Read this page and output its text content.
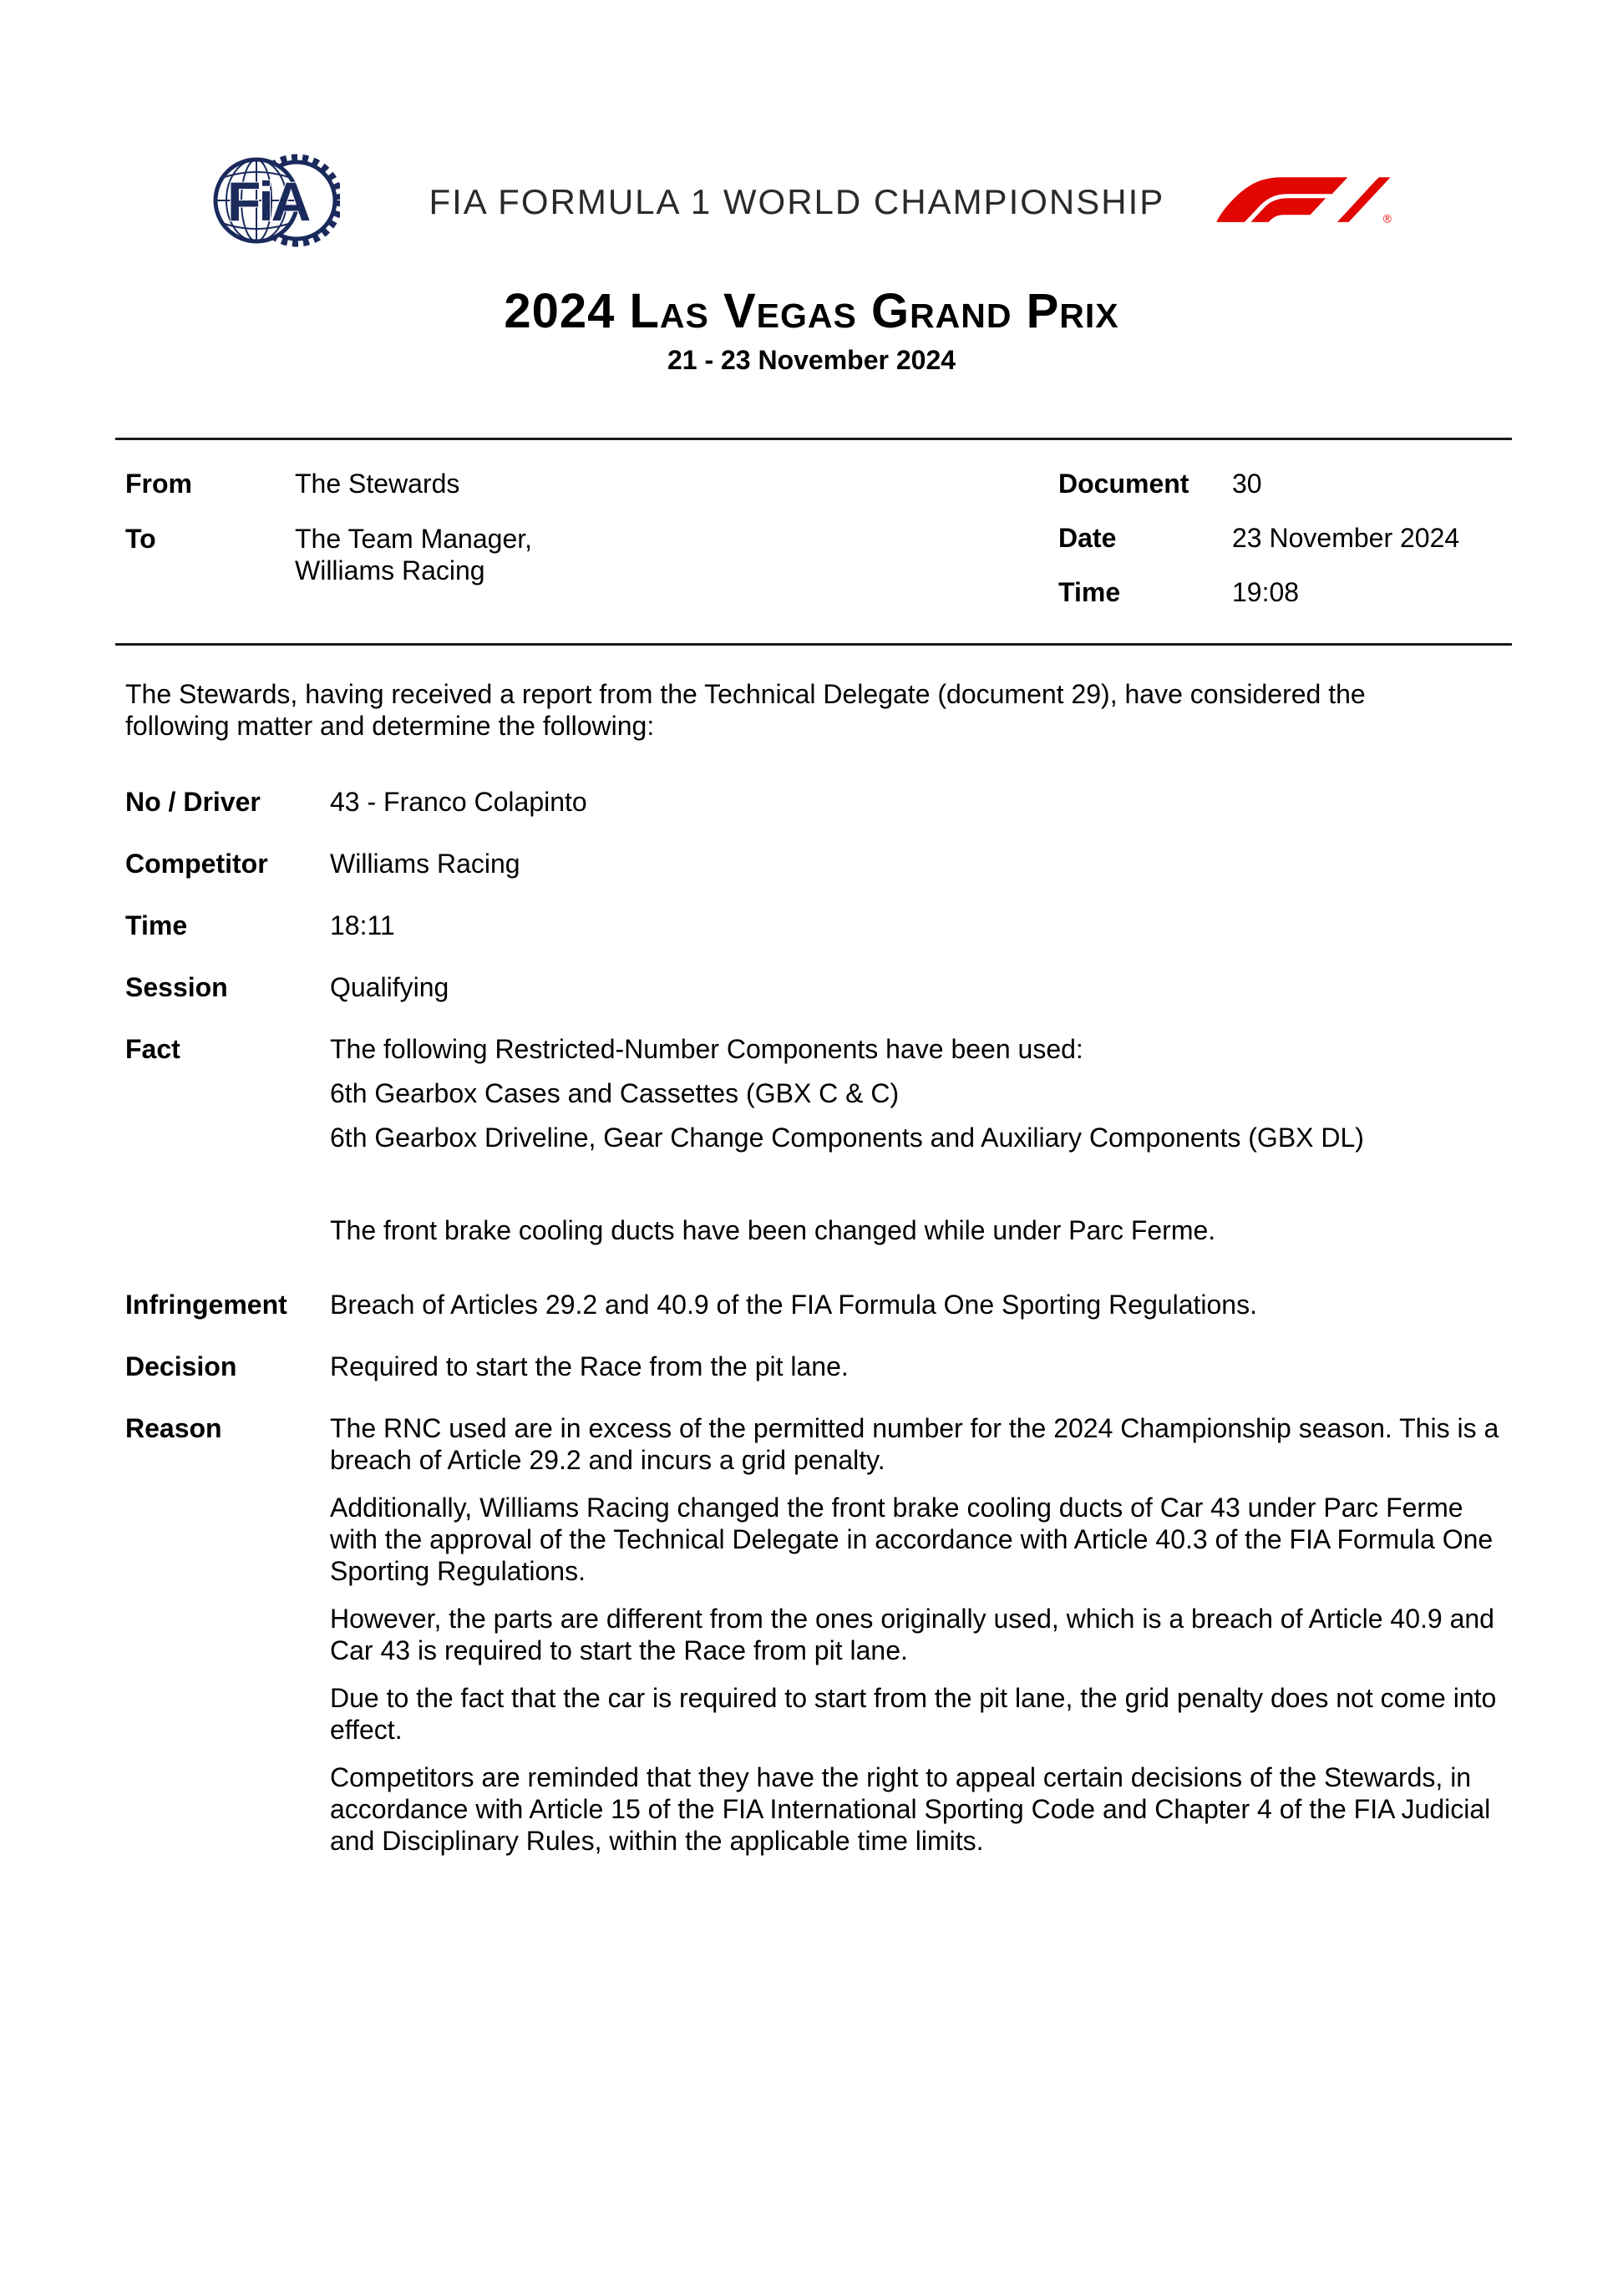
FiA	FIA FORMULA 1 WORLD CHAMPIONSHIP	®
2024 Las Vegas Grand Prix
21 - 23 November 2024
From	The Stewards
To	The Team Manager,
Williams Racing
Document	30
Date	23 November 2024
Time	19:08

The Stewards, having received a report from the Technical Delegate (document 29), have considered the following matter and determine the following:

No / Driver	43 - Franco Colapinto
Competitor	Williams Racing
Time	18:11
Session	Qualifying
Fact	The following Restricted-Number Components have been used:

6th Gearbox Cases and Cassettes (GBX C & C)

6th Gearbox Driveline, Gear Change Components and Auxiliary Components (GBX DL)

The front brake cooling ducts have been changed while under Parc Ferme.

Infringement	Breach of Articles 29.2 and 40.9 of the FIA Formula One Sporting Regulations.
Decision	Required to start the Race from the pit lane.
Reason	The RNC used are in excess of the permitted number for the 2024 Championship season. This is a breach of Article 29.2 and incurs a grid penalty.

Additionally, Williams Racing changed the front brake cooling ducts of Car 43 under Parc Ferme with the approval of the Technical Delegate in accordance with Article 40.3 of the FIA Formula One Sporting Regulations.

However, the parts are different from the ones originally used, which is a breach of Article 40.9 and Car 43 is required to start the Race from pit lane.

Due to the fact that the car is required to start from the pit lane, the grid penalty does not come into effect.

Competitors are reminded that they have the right to appeal certain decisions of the Stewards, in accordance with Article 15 of the FIA International Sporting Code and Chapter 4 of the FIA Judicial and Disciplinary Rules, within the applicable time limits.
